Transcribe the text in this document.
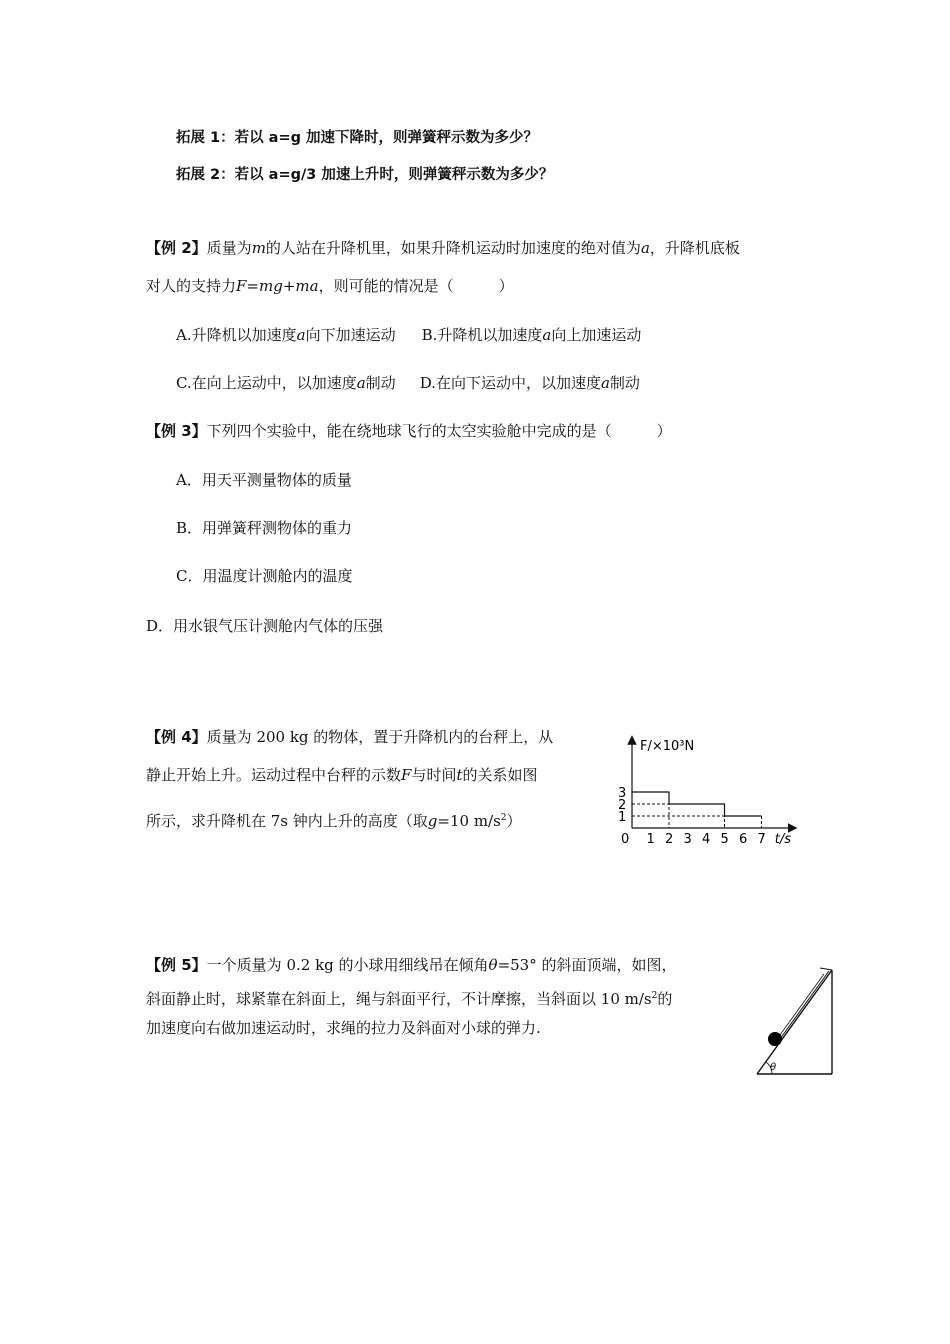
拓展 1：若以 a=g 加速下降时，则弹簧秤示数为多少？
拓展 2：若以 a=g/3 加速上升时，则弹簧秤示数为多少？
【例 2】质量为m的人站在升降机里，如果升降机运动时加速度的绝对值为a，升降机底板
对人的支持力F=mg+ma，则可能的情况是（　　　）
A.升降机以加速度a向下加速运动 B.升降机以加速度a向上加速运动
C.在向上运动中，以加速度a制动 D.在向下运动中，以加速度a制动
【例 3】下列四个实验中，能在绕地球飞行的太空实验舱中完成的是（　　　）
A．用天平测量物体的质量
B．用弹簧秤测物体的重力
C．用温度计测舱内的温度
D．用水银气压计测舱内气体的压强
【例 4】质量为 200 kg 的物体，置于升降机内的台秤上，从
静止开始上升。运动过程中台秤的示数F与时间t的关系如图
所示，求升降机在 7s 钟内上升的高度（取g=10 $m/s^2$）
F/×10³N
t/s
0 1 2 3 4 5 6 7
1
2
3
【例 5】一个质量为 0.2 kg 的小球用细线吊在倾角θ=53° 的斜面顶端，如图，
斜面静止时，球紧靠在斜面上，绳与斜面平行，不计摩擦，当斜面以 10 $m/s^2$的
加速度向右做加速运动时，求绳的拉力及斜面对小球的弹力.
θ
